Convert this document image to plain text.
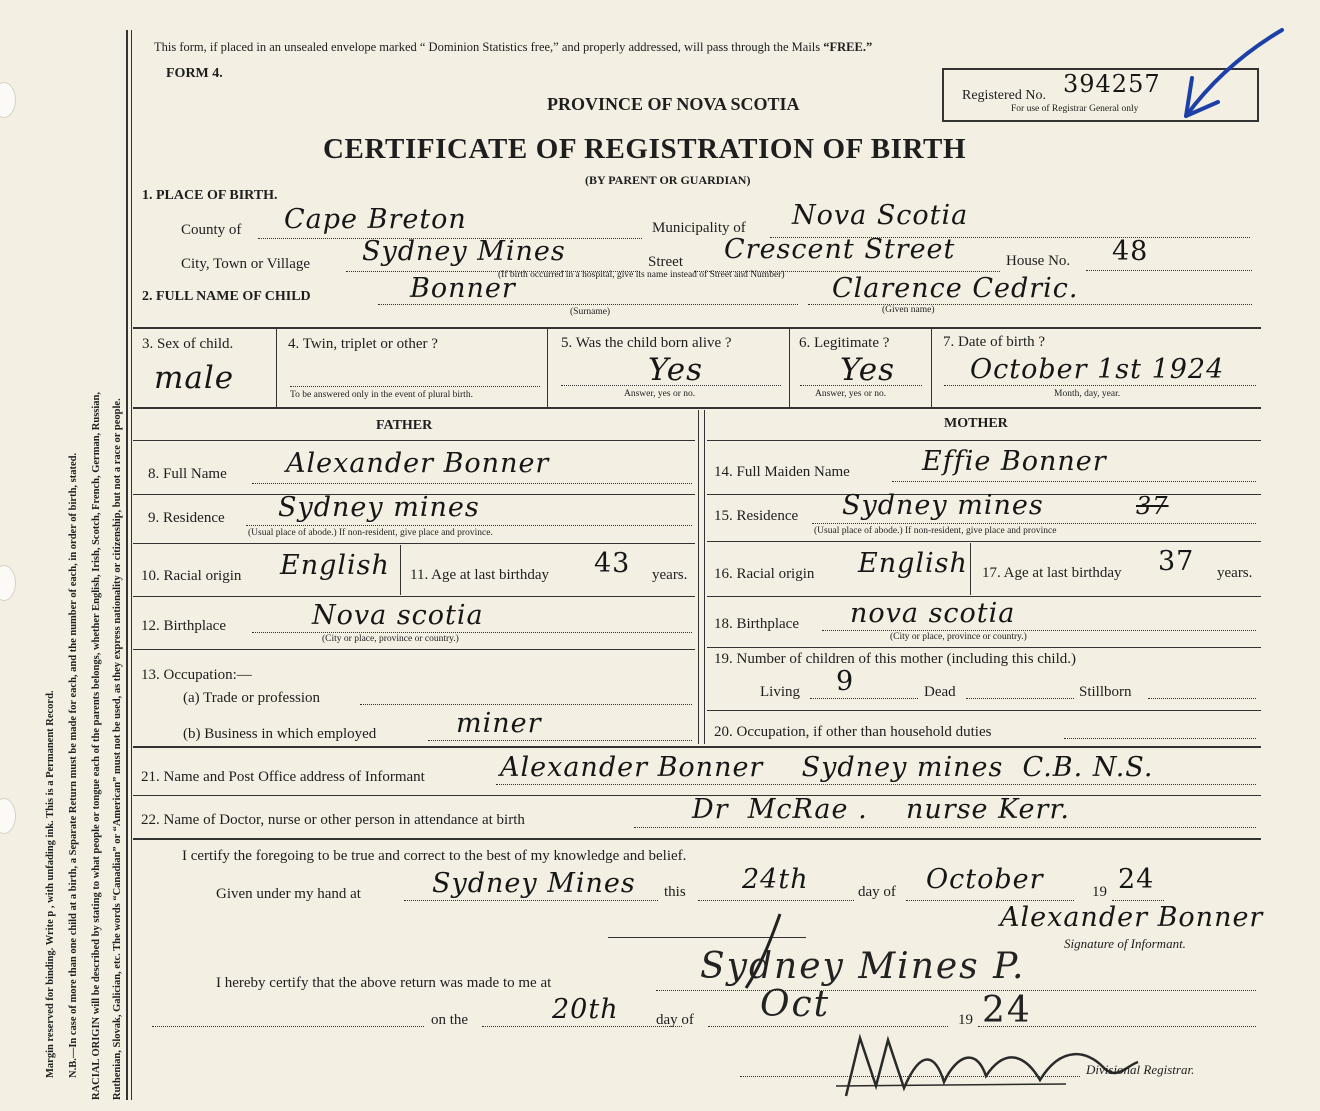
Margin reserved for binding. Write p , with unfading ink. This is a Permanent Record. N.B.—In case of more than one child at a birth, a Separate Return must be made for each, and the number of each, in order of birth, stated. RACIAL ORIGIN will be described by stating to what people or tongue each of the parents belongs, whether English, Irish, Scotch, French, German, Russian, Ruthenian, Slovak, Galician, etc. The words “Canadian” or “American” must not be used, as they express nationality or citizenship, but not a race or people.
This form, if placed in an unsealed envelope marked “ Dominion Statistics free,” and properly addressed, will pass through the Mails “FREE.”
FORM 4.
PROVINCE OF NOVA SCOTIA
CERTIFICATE OF REGISTRATION OF BIRTH
(BY PARENT OR GUARDIAN)
Registered No. 394257
For use of Registrar General only
1. PLACE OF BIRTH.
County of Cape Breton	Municipality of Nova Scotia
City, Town or Village Sydney Mines	Street Crescent Street	House No. 48
(If birth occurred in a hospital, give its name instead of Street and Number)
2. FULL NAME OF CHILD	Bonner
(Surname)
Clarence Cedric.
(Given name)
3. Sex of child.
male
4. Twin, triplet or other ?
To be answered only in the event of plural birth.
5. Was the child born alive ?
Yes
Answer, yes or no.
6. Legitimate ?
Yes
Answer, yes or no.
7. Date of birth ?
October 1st 1924
Month, day, year.
FATHER	MOTHER
8. Full Name Alexander Bonner	14. Full Maiden Name	Effie Bonner
9. Residence Sydney mines
(Usual place of abode.) If non-resident, give place and province.
15. Residence Sydney mines	37
(Usual place of abode.) If non-resident, give place and province
10. Racial origin English 11. Age at last birthday 43 years. 16. Racial origin English 17. Age at last birthday 37 years.
12. Birthplace	Nova scotia
(City or place, province or country.)
18. Birthplace nova scotia
(City or place, province or country.)
13. Occupation:—
(a) Trade or profession
(b) Business in which employed	miner
19. Number of children of this mother (including this child.)
Living 9	Dead	Stillborn
20. Occupation, if other than household duties
21. Name and Post Office address of Informant	Alexander Bonner    Sydney mines  C.B. N.S.
22. Name of Doctor, nurse or other person in attendance at birth	Dr  McRae .    nurse Kerr.
I certify the foregoing to be true and correct to the best of my knowledge and belief.
Given under my hand at	Sydney Mines this 24th	day of October	19 24
Alexander Bonner
Signature of Informant.
I hereby certify that the above return was made to me at	Sydney Mines P.
on the	20th day of Oct	19 24
Divisional Registrar.
